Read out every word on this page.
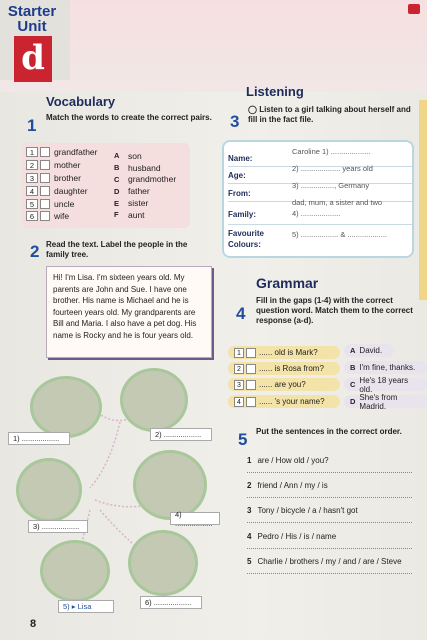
Starter
Unit
d
Vocabulary
1 Match the words to create the correct pairs.
1	grandfather
2	mother
3	brother
4	daughter
5	uncle
6	wife
A	son
B	husband
C	grandmother
D	father
E	sister
F	aunt
2 Read the text. Label the people in the
family tree.
Hi! I'm Lisa. I'm sixteen years old. My
parents are John and Sue. I have one
brother. His name is Michael and he is
fourteen years old. My grandparents are
Bill and Maria. I also have a pet dog. His
name is Rocky and he is four years old.
1) ..................	2) ..................
3) ..................
4) ..................
5) ▸ Lisa	6) ..................
8
Listening
3
◯ Listen to a girl talking about herself and
fill in the fact file.
Name:
Caroline 1) ...................
Age:
2) ................... years old
From:
3) ................, Germany
Family:
dad, mum, a sister and two
4) ...................
Favourite Colours:
5) .................. & ...................
Grammar
4
Fill in the gaps (1-4) with the correct
question word. Match them to the correct
response (a-d).
1	...... old is Mark?
2	...... is Rosa from?
3	...... are you?
4	...... 's your name?
A David.
B I'm fine, thanks.
C He's 18 years old.
D She's from Madrid.
5 Put the sentences in the correct order.
1 are / How old / you?
2 friend / Ann / my / is
3 Tony / bicycle / a / hasn't got
4 Pedro / His / is / name
5 Charlie / brothers / my / and / are / Steve
